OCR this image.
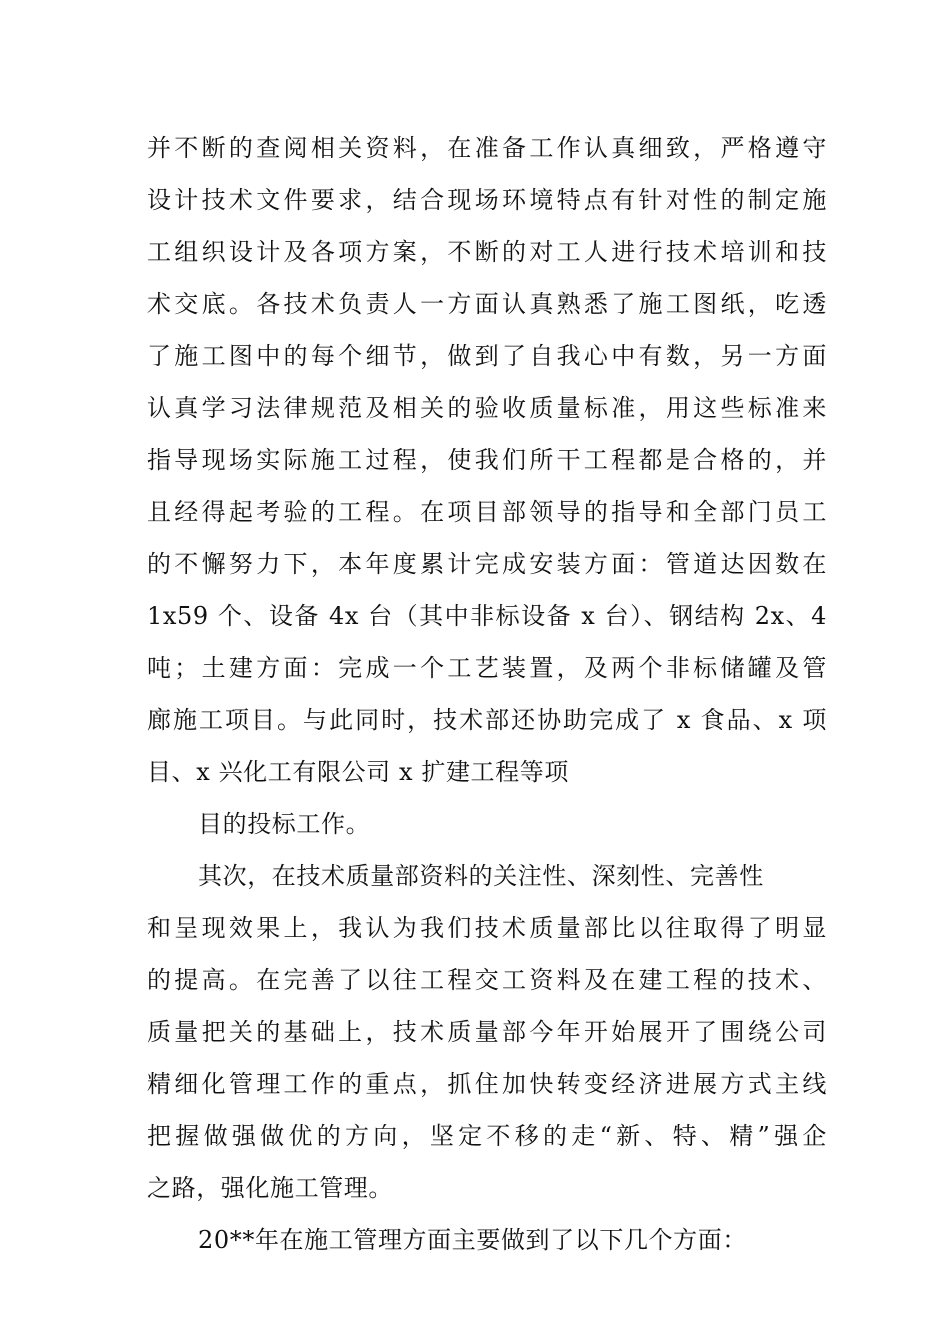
并不断的查阅相关资料，在准备工作认真细致，严格遵守
设计技术文件要求，结合现场环境特点有针对性的制定施
工组织设计及各项方案，不断的对工人进行技术培训和技
术交底。各技术负责人一方面认真熟悉了施工图纸，吃透
了施工图中的每个细节，做到了自我心中有数，另一方面
认真学习法律规范及相关的验收质量标准，用这些标准来
指导现场实际施工过程，使我们所干工程都是合格的，并
且经得起考验的工程。在项目部领导的指导和全部门员工
的不懈努力下，本年度累计完成安装方面：管道达因数在
1x59 个、设备 4x 台（其中非标设备 x 台）、钢结构 2x、4
吨；土建方面：完成一个工艺装置，及两个非标储罐及管
廊施工项目。与此同时，技术部还协助完成了 x 食品、x 项
目、x 兴化工有限公司 x 扩建工程等项
目的投标工作。
其次，在技术质量部资料的关注性、深刻性、完善性
和呈现效果上，我认为我们技术质量部比以往取得了明显
的提高。在完善了以往工程交工资料及在建工程的技术、
质量把关的基础上，技术质量部今年开始展开了围绕公司
精细化管理工作的重点，抓住加快转变经济进展方式主线
把握做强做优的方向，坚定不移的走“新、特、精”强企
之路，强化施工管理。
20**年在施工管理方面主要做到了以下几个方面：
